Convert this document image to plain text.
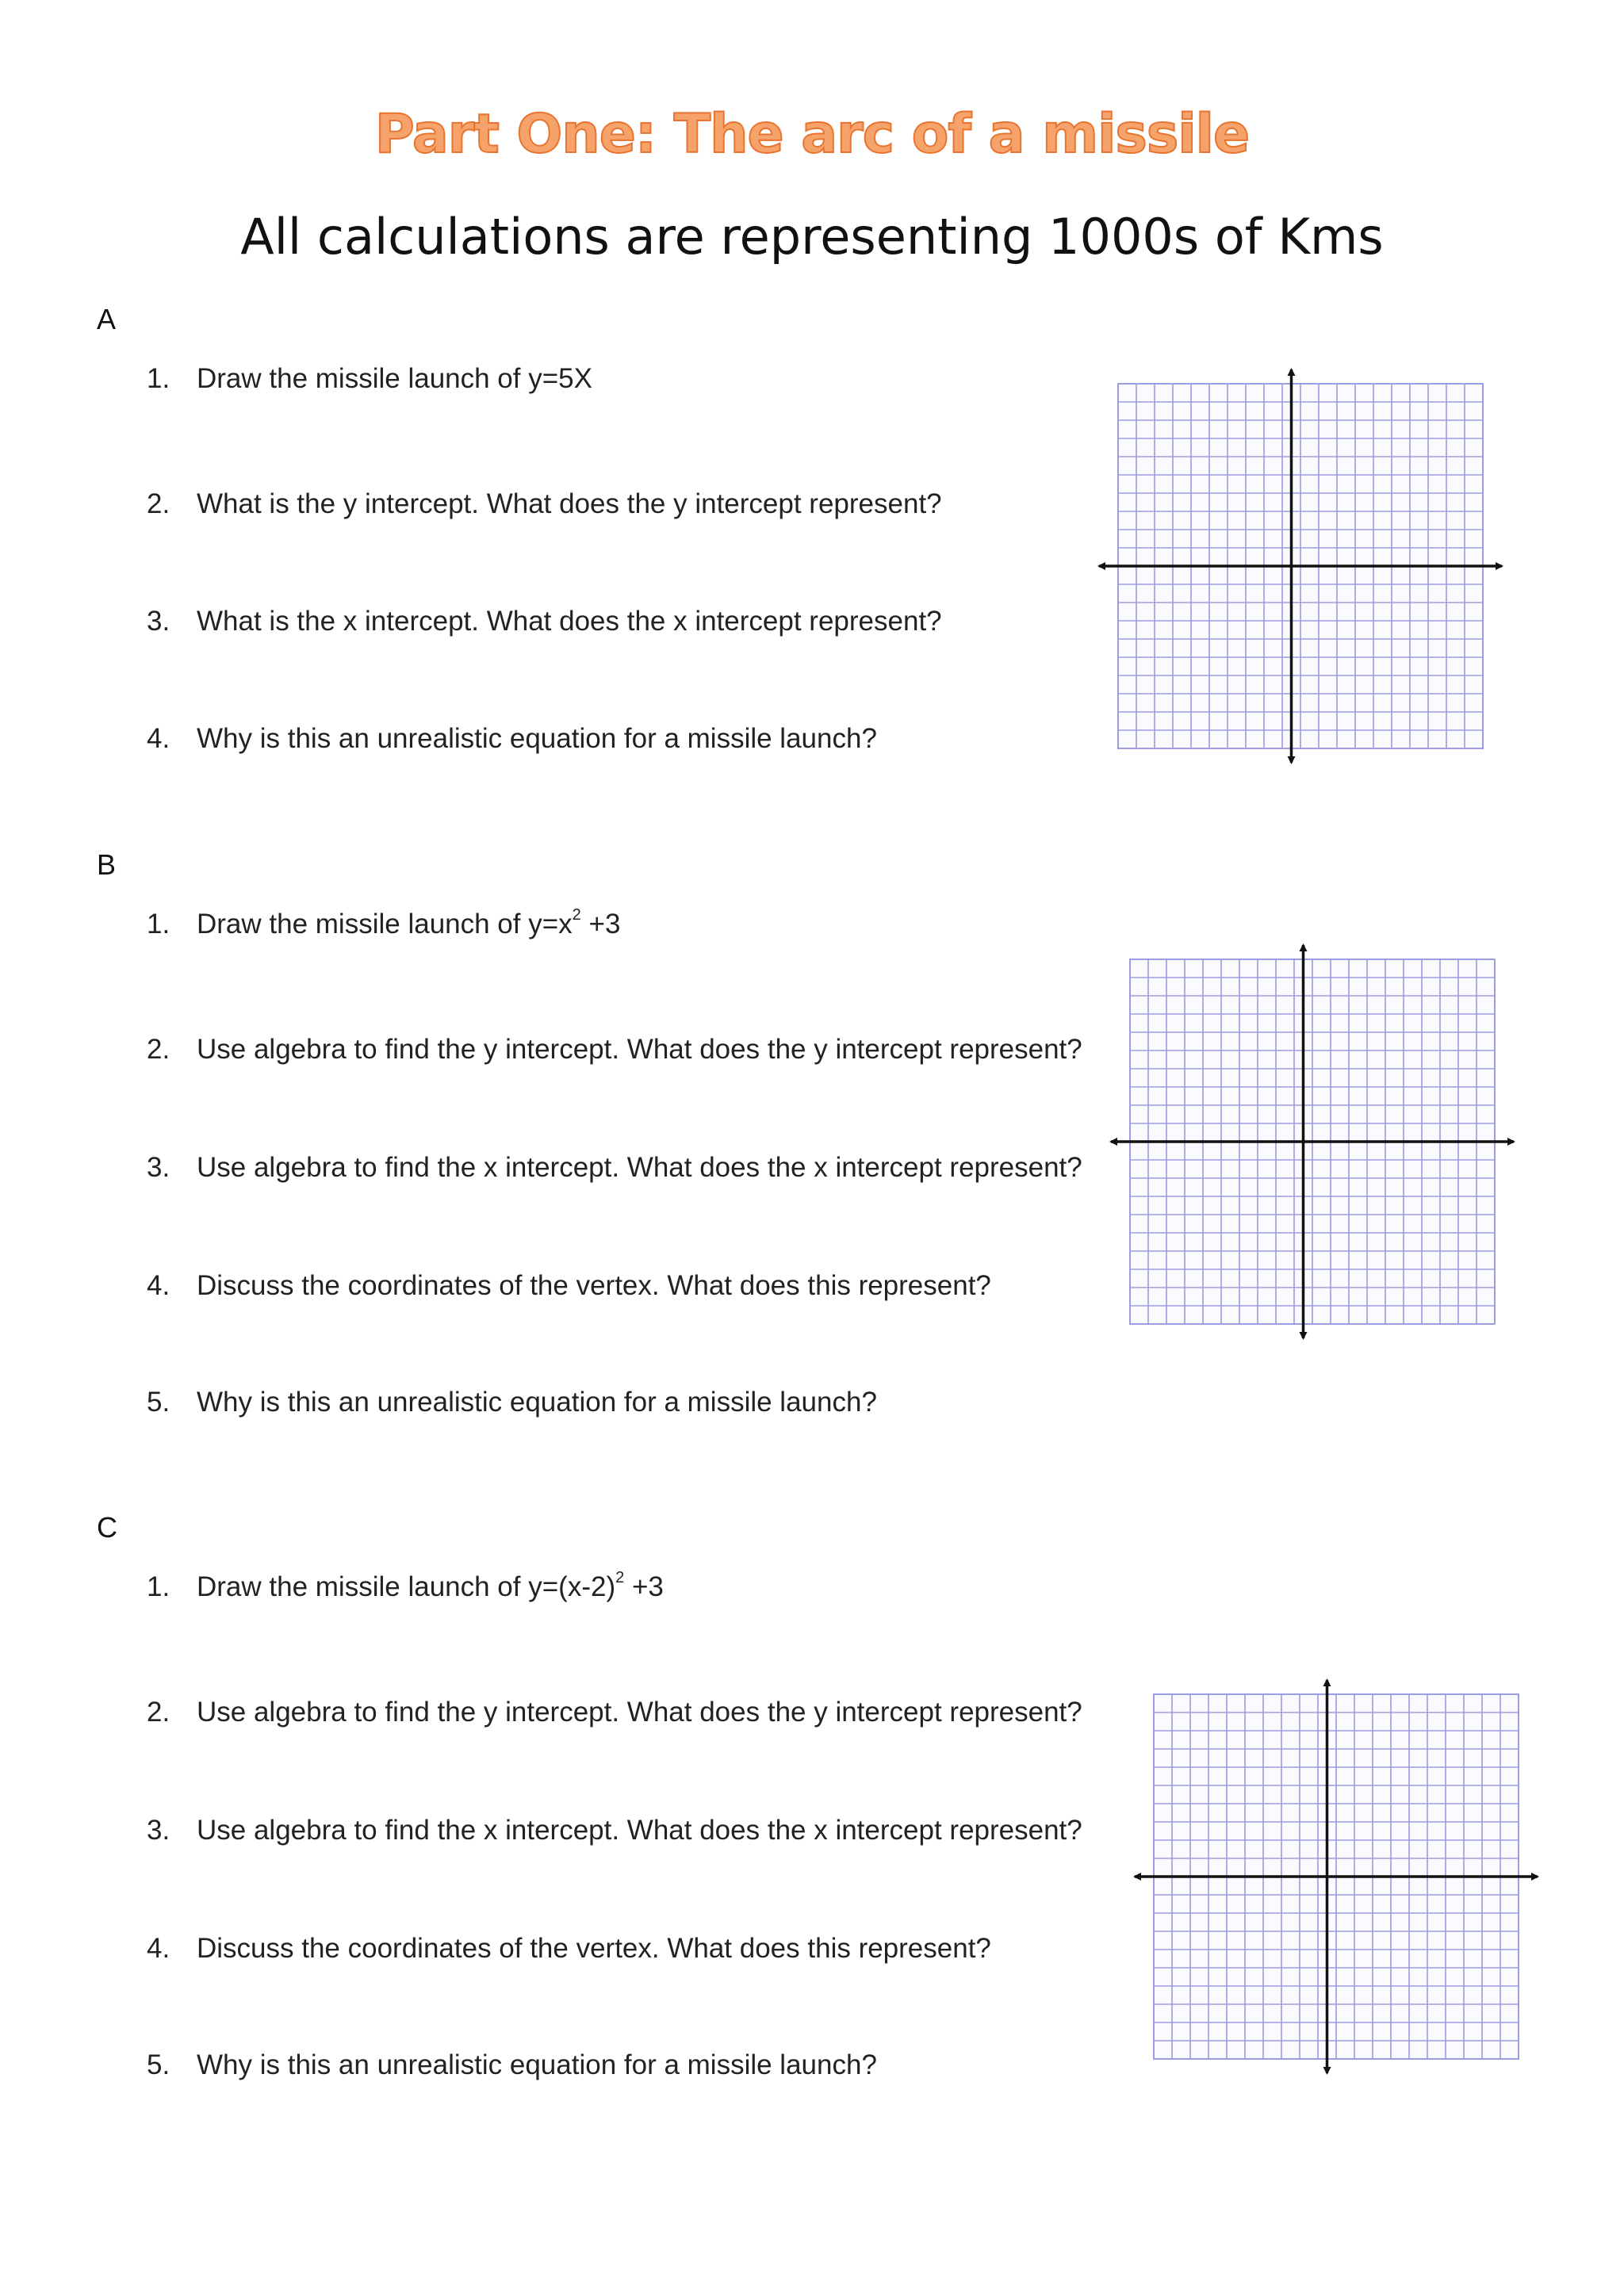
Part One: The arc of a missile
All calculations are representing 1000s of Kms
A
1. Draw the missile launch of y=5X
2. What is the y intercept. What does the y intercept represent?
3. What is the x intercept. What does the x intercept represent?
4. Why is this an unrealistic equation for a missile launch?
B
1. Draw the missile launch of $y=x^2 +3$
2. Use algebra to find the y intercept. What does the y intercept represent?
3. Use algebra to find the x intercept. What does the x intercept represent?
4. Discuss the coordinates of the vertex. What does this represent?
5. Why is this an unrealistic equation for a missile launch?
C
1. Draw the missile launch of $y=(x-2)^2 +3$
2. Use algebra to find the y intercept. What does the y intercept represent?
3. Use algebra to find the x intercept. What does the x intercept represent?
4. Discuss the coordinates of the vertex. What does this represent?
5. Why is this an unrealistic equation for a missile launch?
